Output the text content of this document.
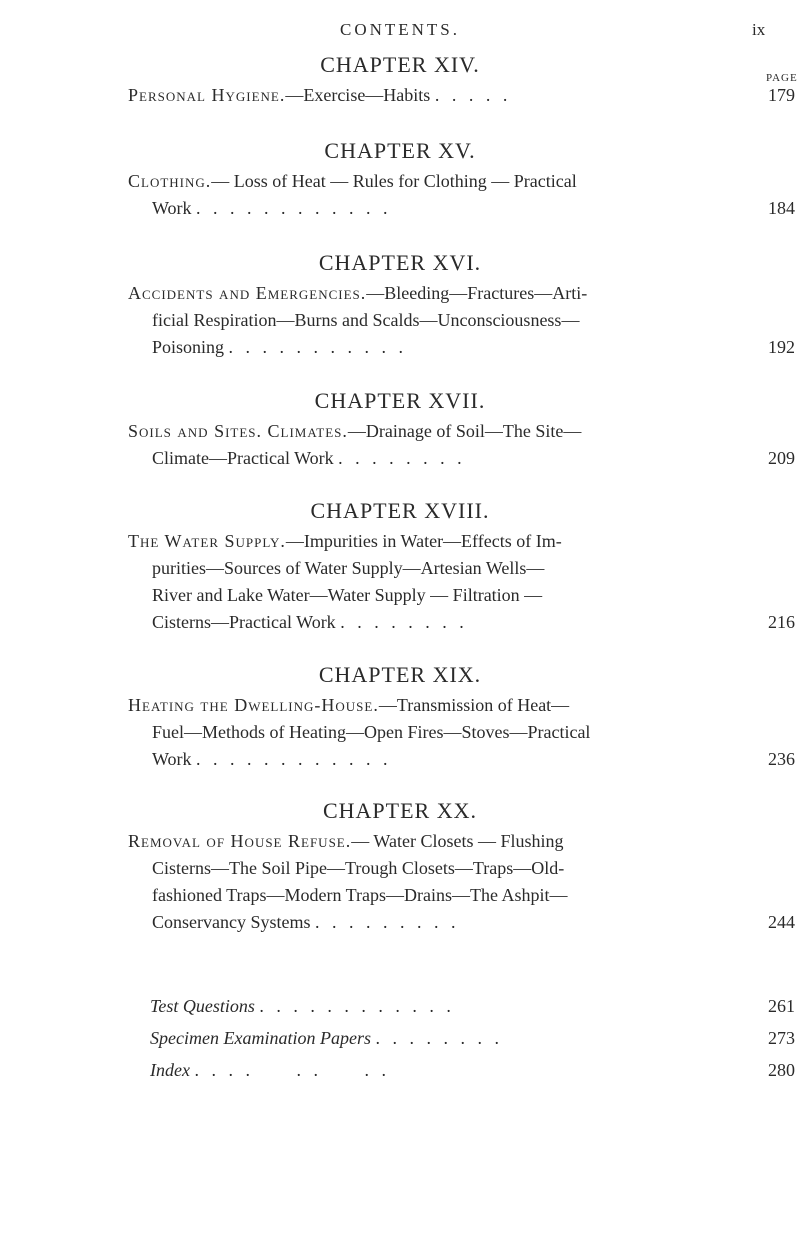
CONTENTS.	ix
PAGE
CHAPTER XIV.
Personal Hygiene.—Exercise—Habits . . . . .	179
CHAPTER XV.
Clothing.— Loss of Heat — Rules for Clothing — Practical
Work . . . . . . . . . . . .	184
CHAPTER XVI.
Accidents and Emergencies.—Bleeding—Fractures—Arti-
ficial Respiration—Burns and Scalds—Unconsciousness—
Poisoning . . . . . . . . . . .	192
CHAPTER XVII.
Soils and Sites. Climates.—Drainage of Soil—The Site—
Climate—Practical Work . . . . . . . .	209
CHAPTER XVIII.
The Water Supply.—Impurities in Water—Effects of Im-
purities—Sources of Water Supply—Artesian Wells—
River and Lake Water—Water Supply — Filtration —
Cisterns—Practical Work . . . . . . . .	216
CHAPTER XIX.
Heating the Dwelling-House.—Transmission of Heat—
Fuel—Methods of Heating—Open Fires—Stoves—Practical
Work . . . . . . . . . . . .	236
CHAPTER XX.
Removal of House Refuse.— Water Closets — Flushing
Cisterns—The Soil Pipe—Trough Closets—Traps—Old-
fashioned Traps—Modern Traps—Drains—The Ashpit—
Conservancy Systems . . . . . . . . .	244
Test Questions . . . . . . . . . . . .	261
Specimen Examination Papers . . . . . . . .	273
Index . . . .     . .     . .	280
